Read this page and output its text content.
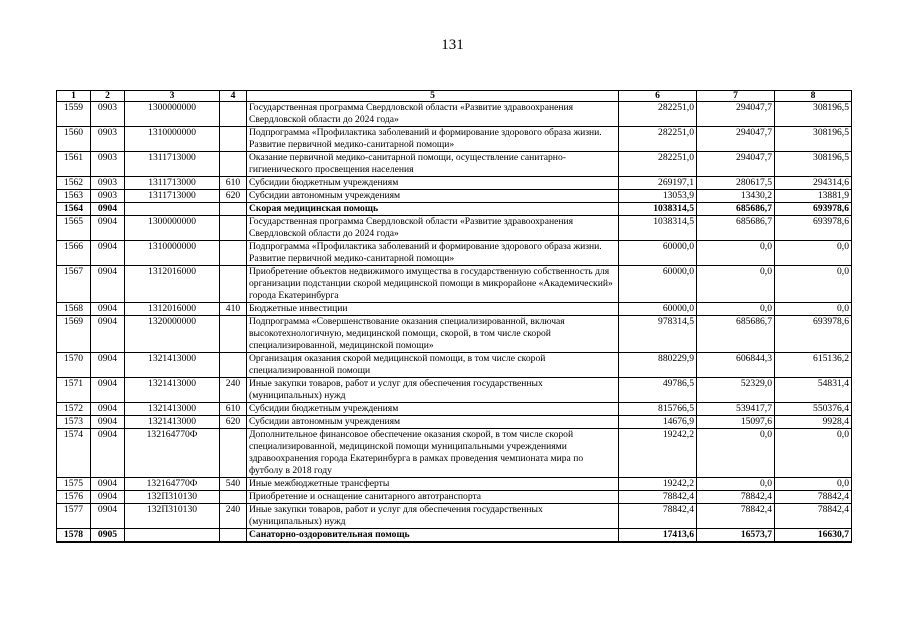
131
1	2	3	4	5	6	7	8
1559	0903	1300000000		Государственная программа Свердловской области «Развитие здравоохранения Свердловской области до 2024 года»	282251,0	294047,7	308196,5
1560	0903	1310000000		Подпрограмма «Профилактика заболеваний и формирование здорового образа жизни. Развитие первичной медико-санитарной помощи»	282251,0	294047,7	308196,5
1561	0903	1311713000		Оказание первичной медико-санитарной помощи, осуществление санитарно-гигиенического просвещения населения	282251,0	294047,7	308196,5
1562	0903	1311713000	610	Субсидии бюджетным учреждениям	269197,1	280617,5	294314,6
1563	0903	1311713000	620	Субсидии автономным учреждениям	13053,9	13430,2	13881,9
1564	0904			Скорая медицинская помощь	1038314,5	685686,7	693978,6
1565	0904	1300000000		Государственная программа Свердловской области «Развитие здравоохранения Свердловской области до 2024 года»	1038314,5	685686,7	693978,6
1566	0904	1310000000		Подпрограмма «Профилактика заболеваний и формирование здорового образа жизни. Развитие первичной медико-санитарной помощи»	60000,0	0,0	0,0
1567	0904	1312016000		Приобретение объектов недвижимого имущества в государственную собственность для организации подстанции скорой медицинской помощи в микрорайоне «Академический» города Екатеринбурга	60000,0	0,0	0,0
1568	0904	1312016000	410	Бюджетные инвестиции	60000,0	0,0	0,0
1569	0904	1320000000		Подпрограмма «Совершенствование оказания специализированной, включая высокотехнологичную, медицинской помощи, скорой, в том числе скорой специализированной, медицинской помощи»	978314,5	685686,7	693978,6
1570	0904	1321413000		Организация оказания скорой медицинской помощи, в том числе скорой специализированной помощи	880229,9	606844,3	615136,2
1571	0904	1321413000	240	Иные закупки товаров, работ и услуг для обеспечения государственных (муниципальных) нужд	49786,5	52329,0	54831,4
1572	0904	1321413000	610	Субсидии бюджетным учреждениям	815766,5	539417,7	550376,4
1573	0904	1321413000	620	Субсидии автономным учреждениям	14676,9	15097,6	9928,4
1574	0904	132164770Ф		Дополнительное финансовое обеспечение оказания скорой, в том числе скорой специализированной, медицинской помощи муниципальными учреждениями здравоохранения города Екатеринбурга в рамках проведения чемпионата мира по футболу в 2018 году	19242,2	0,0	0,0
1575	0904	132164770Ф	540	Иные межбюджетные трансферты	19242,2	0,0	0,0
1576	0904	132П310130		Приобретение и оснащение санитарного автотранспорта	78842,4	78842,4	78842,4
1577	0904	132П310130	240	Иные закупки товаров, работ и услуг для обеспечения государственных (муниципальных) нужд	78842,4	78842,4	78842,4
1578	0905			Санаторно-оздоровительная помощь	17413,6	16573,7	16630,7
